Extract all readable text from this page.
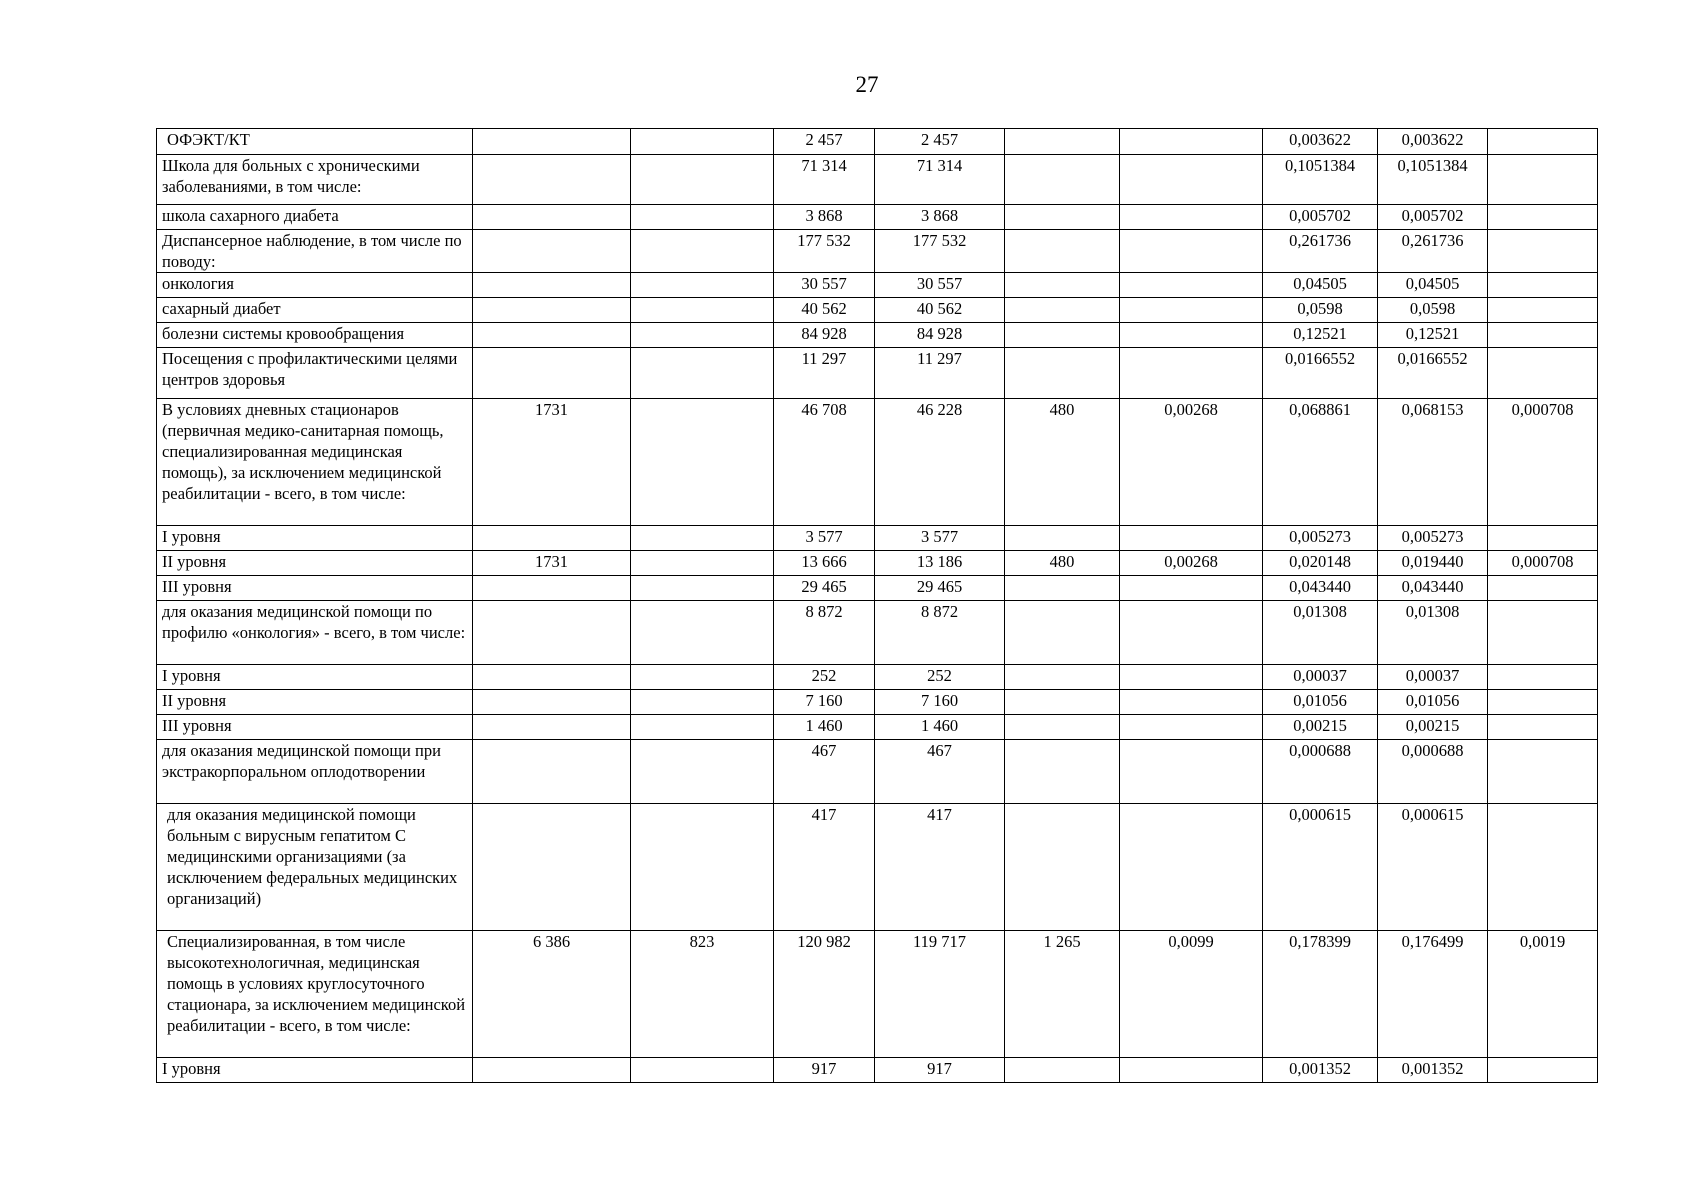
27
ОФЭКТ/КТ			2 457	2 457			0,003622	0,003622	
Школа для больных с хроническими заболеваниями, в том числе:			71 314	71 314			0,1051384	0,1051384	
школа сахарного диабета			3 868	3 868			0,005702	0,005702	
Диспансерное наблюдение, в том числе по поводу:			177 532	177 532			0,261736	0,261736	
онкология			30 557	30 557			0,04505	0,04505	
сахарный диабет			40 562	40 562			0,0598	0,0598	
болезни системы кровообращения			84 928	84 928			0,12521	0,12521	
Посещения с профилактическими целями центров здоровья			11 297	11 297			0,0166552	0,0166552	
В условиях дневных стационаров (первичная медико-санитарная помощь, специализированная медицинская помощь), за исключением медицинской реабилитации - всего, в том числе:	1731		46 708	46 228	480	0,00268	0,068861	0,068153	0,000708
I уровня			3 577	3 577			0,005273	0,005273	
II уровня	1731		13 666	13 186	480	0,00268	0,020148	0,019440	0,000708
III уровня			29 465	29 465			0,043440	0,043440	
для оказания медицинской помощи по профилю «онкология» - всего, в том числе:			8 872	8 872			0,01308	0,01308	
I уровня			252	252			0,00037	0,00037	
II уровня			7 160	7 160			0,01056	0,01056	
III уровня			1 460	1 460			0,00215	0,00215	
для оказания медицинской помощи при экстракорпоральном оплодотворении			467	467			0,000688	0,000688	
для оказания медицинской помощи больным с вирусным гепатитом С медицинскими организациями (за исключением федеральных медицинских организаций)			417	417			0,000615	0,000615	
Специализированная, в том числе высокотехнологичная, медицинская помощь в условиях круглосуточного стационара, за исключением медицинской реабилитации - всего, в том числе:	6 386	823	120 982	119 717	1 265	0,0099	0,178399	0,176499	0,0019
I уровня			917	917			0,001352	0,001352	
